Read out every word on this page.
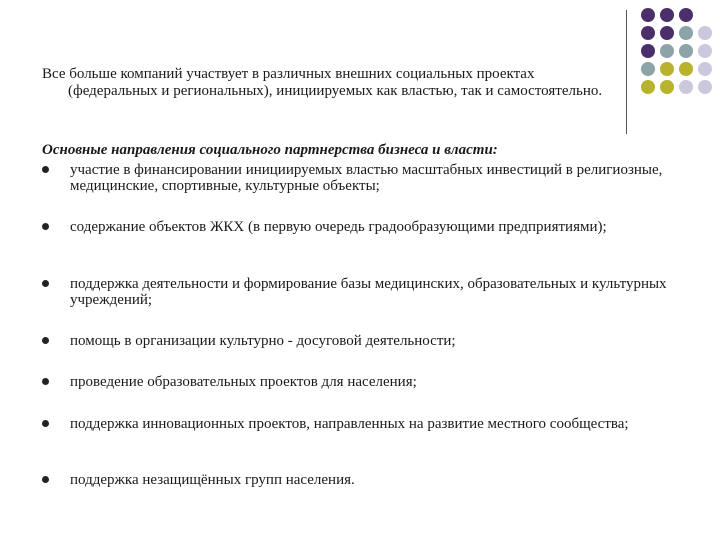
Все больше компаний участвует в различных внешних социальных проектах
(федеральных и региональных), инициируемых как властью, так и самостоятельно.
Основные направления социального партнерства бизнеса и власти:
участие в финансировании инициируемых властью масштабных инвестиций в религиозные, медицинские, спортивные, культурные объекты;
содержание объектов ЖКХ (в первую очередь градообразующими предприятиями);
поддержка деятельности и формирование базы медицинских, образовательных и культурных учреждений;
помощь в организации культурно - досуговой деятельности;
проведение образовательных проектов для населения;
поддержка инновационных проектов, направленных на развитие местного сообщества;
поддержка незащищённых групп населения.
